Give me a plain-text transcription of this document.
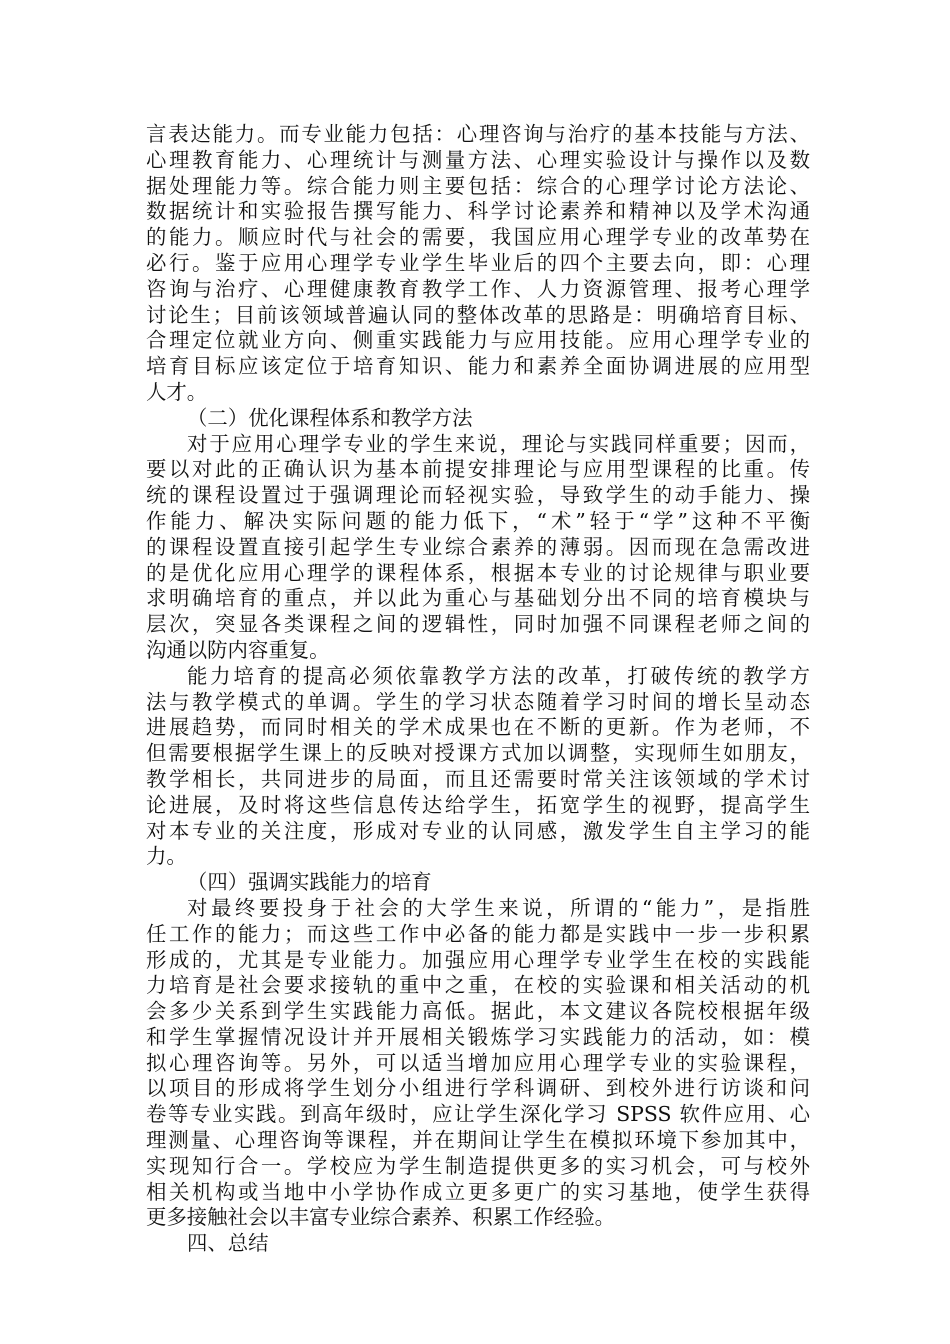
言表达能力。而专业能力包括：心理咨询与治疗的基本技能与方法、
心理教育能力、心理统计与测量方法、心理实验设计与操作以及数
据处理能力等。综合能力则主要包括：综合的心理学讨论方法论、
数据统计和实验报告撰写能力、科学讨论素养和精神以及学术沟通
的能力。顺应时代与社会的需要，我国应用心理学专业的改革势在
必行。鉴于应用心理学专业学生毕业后的四个主要去向，即：心理
咨询与治疗、心理健康教育教学工作、人力资源管理、报考心理学
讨论生；目前该领域普遍认同的整体改革的思路是：明确培育目标、
合理定位就业方向、侧重实践能力与应用技能。应用心理学专业的
培育目标应该定位于培育知识、能力和素养全面协调进展的应用型
人才。
（二）优化课程体系和教学方法
对于应用心理学专业的学生来说，理论与实践同样重要；因而，
要以对此的正确认识为基本前提安排理论与应用型课程的比重。传
统的课程设置过于强调理论而轻视实验，导致学生的动手能力、操
作能力、解决实际问题的能力低下，“术”轻于“学”这种不平衡
的课程设置直接引起学生专业综合素养的薄弱。因而现在急需改进
的是优化应用心理学的课程体系，根据本专业的讨论规律与职业要
求明确培育的重点，并以此为重心与基础划分出不同的培育模块与
层次，突显各类课程之间的逻辑性，同时加强不同课程老师之间的
沟通以防内容重复。
能力培育的提高必须依靠教学方法的改革，打破传统的教学方
法与教学模式的单调。学生的学习状态随着学习时间的增长呈动态
进展趋势，而同时相关的学术成果也在不断的更新。作为老师，不
但需要根据学生课上的反映对授课方式加以调整，实现师生如朋友，
教学相长，共同进步的局面，而且还需要时常关注该领域的学术讨
论进展，及时将这些信息传达给学生，拓宽学生的视野，提高学生
对本专业的关注度，形成对专业的认同感，激发学生自主学习的能
力。
（四）强调实践能力的培育
对最终要投身于社会的大学生来说，所谓的“能力”，是指胜
任工作的能力；而这些工作中必备的能力都是实践中一步一步积累
形成的，尤其是专业能力。加强应用心理学专业学生在校的实践能
力培育是社会要求接轨的重中之重，在校的实验课和相关活动的机
会多少关系到学生实践能力高低。据此，本文建议各院校根据年级
和学生掌握情况设计并开展相关锻炼学习实践能力的活动，如：模
拟心理咨询等。另外，可以适当增加应用心理学专业的实验课程，
以项目的形成将学生划分小组进行学科调研、到校外进行访谈和问
卷等专业实践。到高年级时，应让学生深化学习 SPSS 软件应用、心
理测量、心理咨询等课程，并在期间让学生在模拟环境下参加其中，
实现知行合一。学校应为学生制造提供更多的实习机会，可与校外
相关机构或当地中小学协作成立更多更广的实习基地，使学生获得
更多接触社会以丰富专业综合素养、积累工作经验。
四、总结
